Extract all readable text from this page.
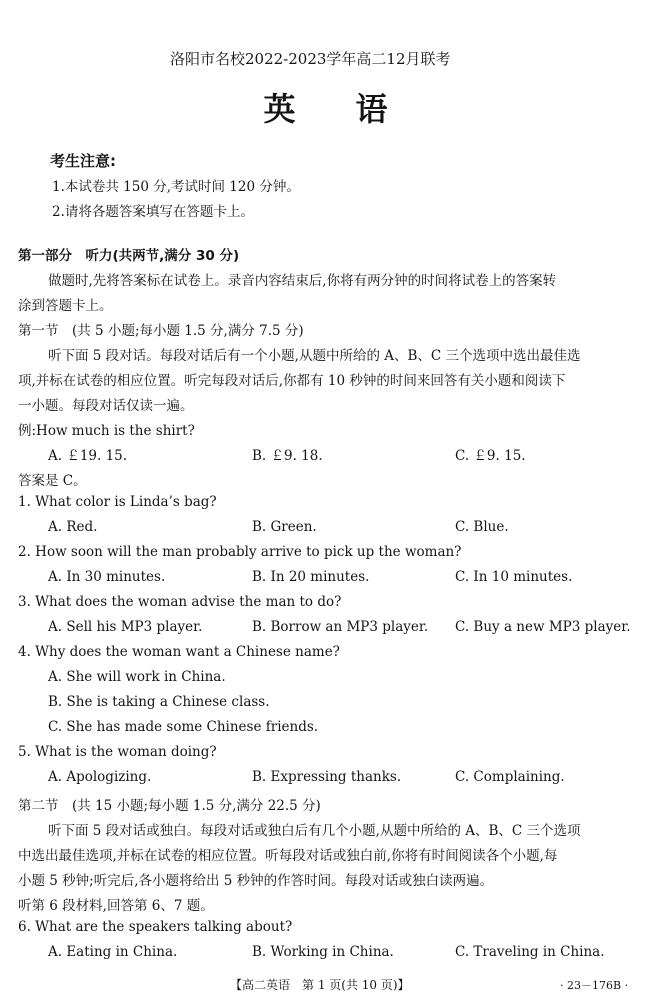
洛阳市名校2022-2023学年高二12月联考
英语
考生注意:
1.本试卷共 150 分,考试时间 120 分钟。
2.请将各题答案填写在答题卡上。
第一部分　听力(共两节,满分 30 分)
做题时,先将答案标在试卷上。录音内容结束后,你将有两分钟的时间将试卷上的答案转
涂到答题卡上。
第一节　(共 5 小题;每小题 1.5 分,满分 7.5 分)
听下面 5 段对话。每段对话后有一个小题,从题中所给的 A、B、C 三个选项中选出最佳选
项,并标在试卷的相应位置。听完每段对话后,你都有 10 秒钟的时间来回答有关小题和阅读下
一小题。每段对话仅读一遍。
例:How much is the shirt?
A. ￡19. 15.	B. ￡9. 18.	C. ￡9. 15.
答案是 C。
1. What color is Linda’s bag?
A. Red.	B. Green.	C. Blue.
2. How soon will the man probably arrive to pick up the woman?
A. In 30 minutes.	B. In 20 minutes.	C. In 10 minutes.
3. What does the woman advise the man to do?
A. Sell his MP3 player.	B. Borrow an MP3 player. C. Buy a new MP3 player.
4. Why does the woman want a Chinese name?
A. She will work in China.
B. She is taking a Chinese class.
C. She has made some Chinese friends.
5. What is the woman doing?
A. Apologizing.	B. Expressing thanks.	C. Complaining.
第二节　(共 15 小题;每小题 1.5 分,满分 22.5 分)
听下面 5 段对话或独白。每段对话或独白后有几个小题,从题中所给的 A、B、C 三个选项
中选出最佳选项,并标在试卷的相应位置。听每段对话或独白前,你将有时间阅读各个小题,每
小题 5 秒钟;听完后,各小题将给出 5 秒钟的作答时间。每段对话或独白读两遍。
听第 6 段材料,回答第 6、7 题。
6. What are the speakers talking about?
A. Eating in China.	B. Working in China.	C. Traveling in China.
【高二英语　第 1 页(共 10 页)】	· 23－176B ·
